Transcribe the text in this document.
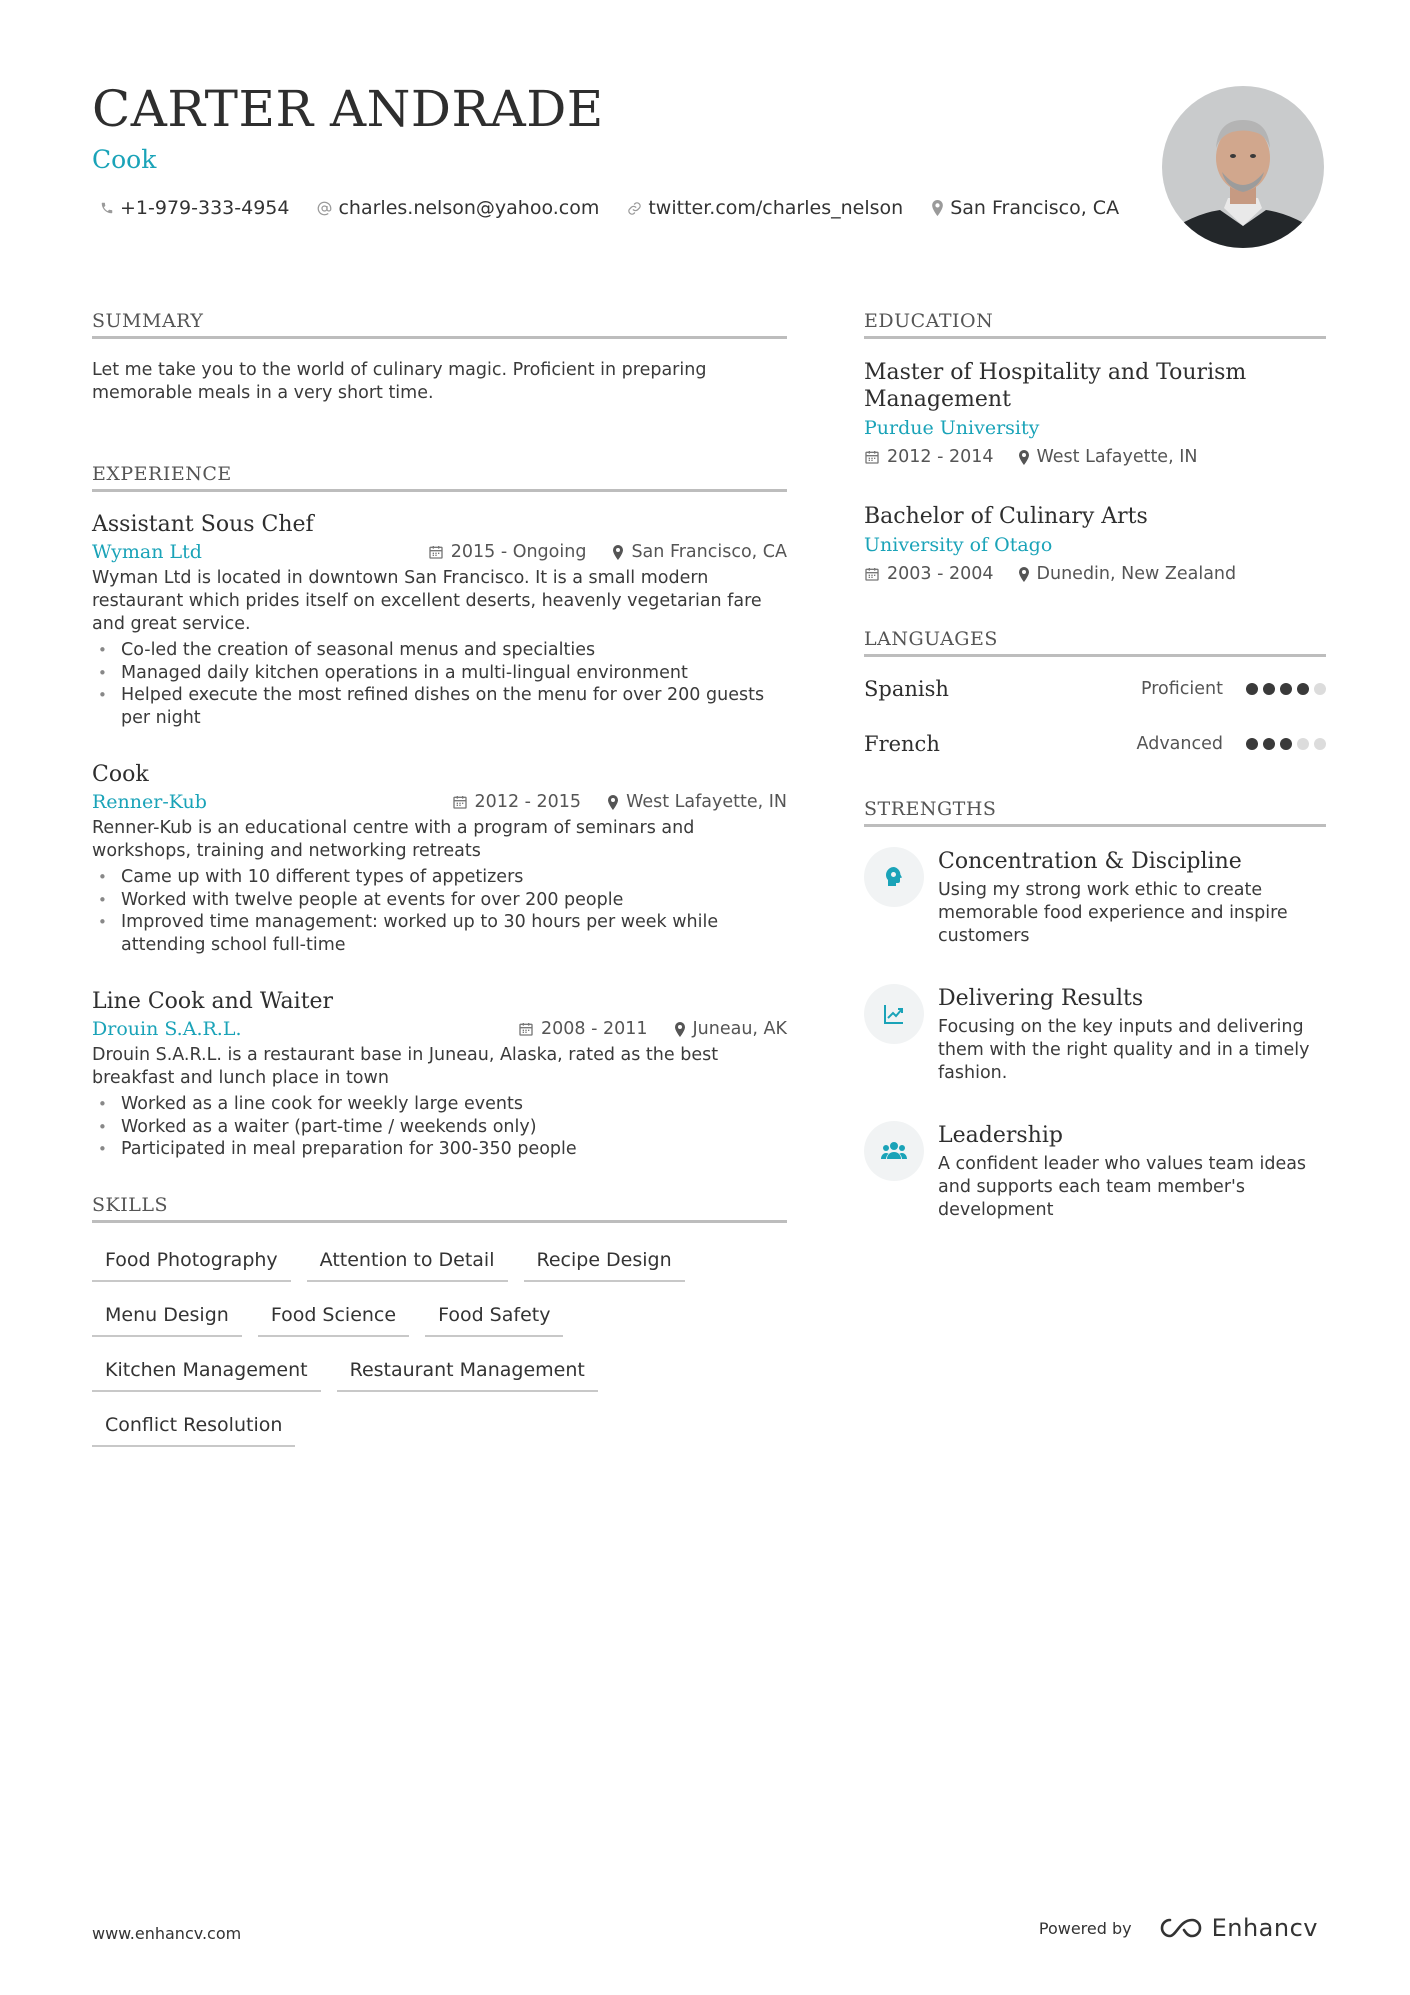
CARTER ANDRADE
Cook
+1-979-333-4954	charles.nelson@yahoo.com	twitter.com/charles_nelson San Francisco, CA
SUMMARY
Let me take you to the world of culinary magic. Proficient in preparing memorable meals in a very short time.
EXPERIENCE
Assistant Sous Chef
Wyman Ltd	2015 - Ongoing	San Francisco, CA
Wyman Ltd is located in downtown San Francisco. It is a small modern restaurant which prides itself on excellent deserts, heavenly vegetarian fare and great service.
• Co-led the creation of seasonal menus and specialties
• Managed daily kitchen operations in a multi-lingual environment
• Helped execute the most refined dishes on the menu for over 200 guests per night
Cook
Renner-Kub	2012 - 2015	West Lafayette, IN
Renner-Kub is an educational centre with a program of seminars and workshops, training and networking retreats
• Came up with 10 different types of appetizers
• Worked with twelve people at events for over 200 people
• Improved time management: worked up to 30 hours per week while attending school full-time
Line Cook and Waiter
Drouin S.A.R.L.	2008 - 2011	Juneau, AK
Drouin S.A.R.L. is a restaurant base in Juneau, Alaska, rated as the best breakfast and lunch place in town
• Worked as a line cook for weekly large events
• Worked as a waiter (part-time / weekends only)
• Participated in meal preparation for 300-350 people
SKILLS
Food Photography	Attention to Detail	Recipe Design
Menu Design	Food Science	Food Safety
Kitchen Management	Restaurant Management
Conflict Resolution
EDUCATION
Master of Hospitality and Tourism Management
Purdue University
2012 - 2014 West Lafayette, IN
Bachelor of Culinary Arts
University of Otago
2003 - 2004 Dunedin, New Zealand
LANGUAGES
Spanish	Proficient
French	Advanced
STRENGTHS
Concentration & Discipline
Using my strong work ethic to create memorable food experience and inspire customers
Delivering Results
Focusing on the key inputs and delivering them with the right quality and in a timely fashion.
Leadership
A confident leader who values team ideas and supports each team member's development
www.enhancv.com	Powered by	Enhancv
